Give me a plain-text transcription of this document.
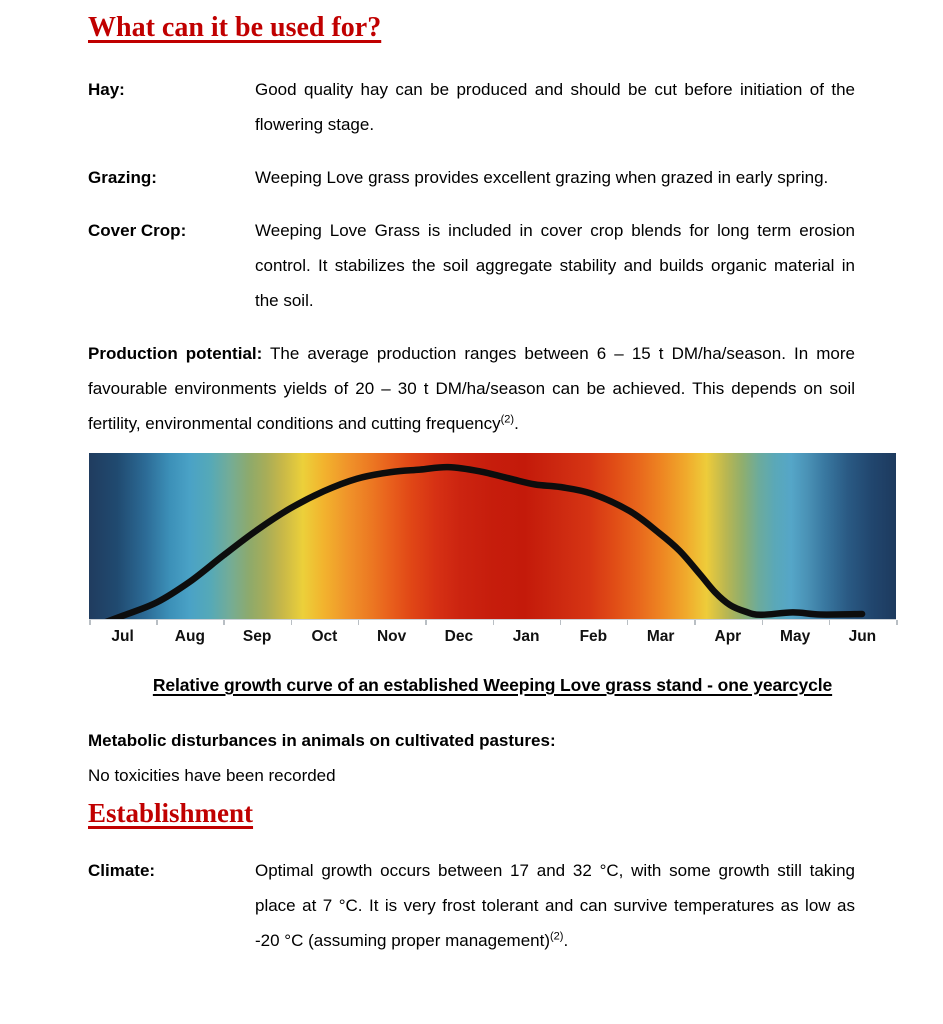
What can it be used for?
Hay:	Good quality hay can be produced and should be cut before initiation of the flowering stage.
Grazing:	Weeping Love grass provides excellent grazing when grazed in early spring.
Cover Crop:	Weeping Love Grass is included in cover crop blends for long term erosion control. It stabilizes the soil aggregate stability and builds organic material in the soil.

Production potential: The average production ranges between 6 – 15 t DM/ha/season. In more favourable environments yields of 20 – 30 t DM/ha/season can be achieved. This depends on soil fertility, environmental conditions and cutting frequency$^{(2)}$.

Jul	Aug	Sep	Oct	Nov	Dec	Jan	Feb	Mar	Apr	May	Jun
Relative growth curve of an established Weeping Love grass stand - one yearcycle
Metabolic disturbances in animals on cultivated pastures:
No toxicities have been recorded
Establishment
Climate:	Optimal growth occurs between 17 and 32 °C, with some growth still taking place at 7 °C. It is very frost tolerant and can survive temperatures as low as -20 °C (assuming proper management)$^{(2)}$.
